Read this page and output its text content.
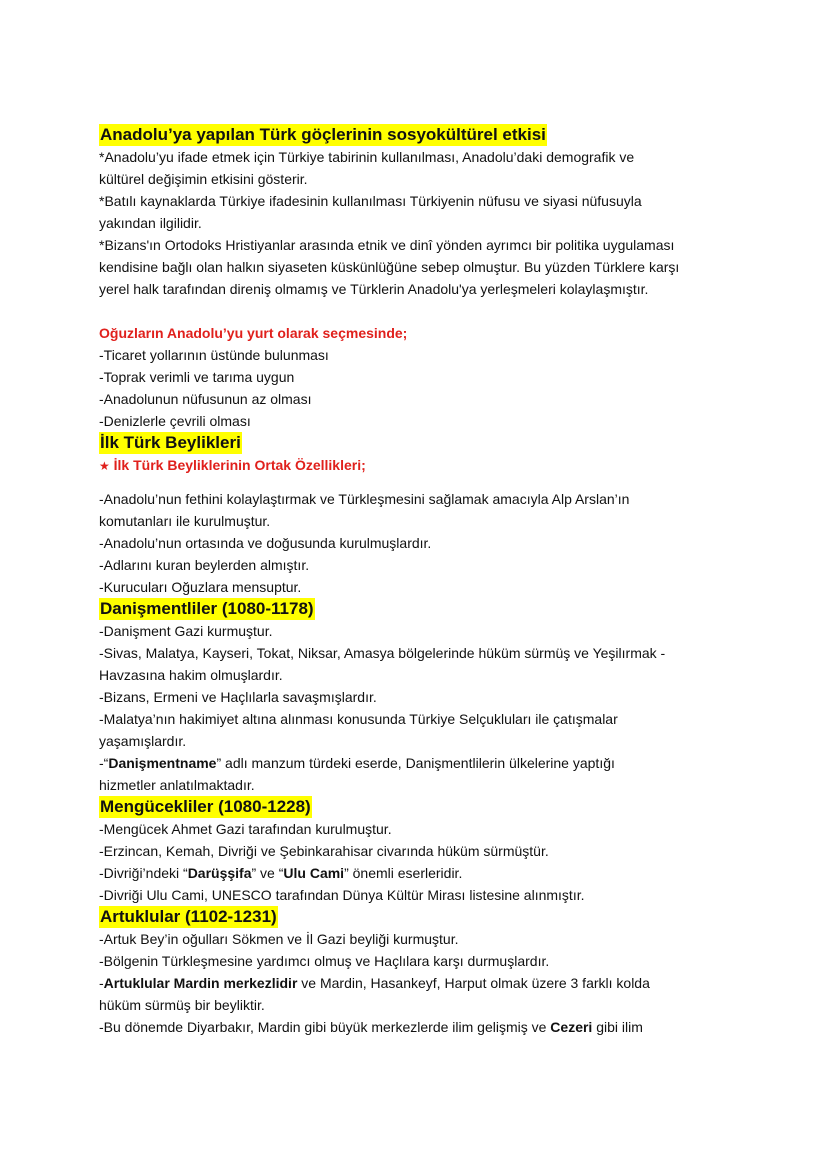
Anadolu’ya yapılan Türk göçlerinin sosyokültürel etkisi

*Anadolu’yu ifade etmek için Türkiye tabirinin kullanılması, Anadolu’daki demografik ve

kültürel değişimin etkisini gösterir.

*Batılı kaynaklarda Türkiye ifadesinin kullanılması Türkiyenin nüfusu ve siyasi nüfusuyla

yakından ilgilidir.

*Bizans'ın Ortodoks Hristiyanlar arasında etnik ve dinî yönden ayrımcı bir politika uygulaması

kendisine bağlı olan halkın siyaseten küskünlüğüne sebep olmuştur. Bu yüzden Türklere karşı

yerel halk tarafından direniş olmamış ve Türklerin Anadolu'ya yerleşmeleri kolaylaşmıştır.

Oğuzların Anadolu’yu yurt olarak seçmesinde;

-Ticaret yollarının üstünde bulunması

-Toprak verimli ve tarıma uygun

-Anadolunun nüfusunun az olması

-Denizlerle çevrili olması

İlk Türk Beylikleri

★ İlk Türk Beyliklerinin Ortak Özellikleri;

-Anadolu’nun fethini kolaylaştırmak ve Türkleşmesini sağlamak amacıyla Alp Arslan’ın

komutanları ile kurulmuştur.

-Anadolu’nun ortasında ve doğusunda kurulmuşlardır.

-Adlarını kuran beylerden almıştır.

-Kurucuları Oğuzlara mensuptur.

Danişmentliler (1080-1178)

-Danişment Gazi kurmuştur.

-Sivas, Malatya, Kayseri, Tokat, Niksar, Amasya bölgelerinde hüküm sürmüş ve Yeşilırmak -

Havzasına hakim olmuşlardır.

-Bizans, Ermeni ve Haçlılarla savaşmışlardır.

-Malatya’nın hakimiyet altına alınması konusunda Türkiye Selçukluları ile çatışmalar

yaşamışlardır.

-“Danişmentname” adlı manzum türdeki eserde, Danişmentlilerin ülkelerine yaptığı

hizmetler anlatılmaktadır.

Mengücekliler (1080-1228)

-Mengücek Ahmet Gazi tarafından kurulmuştur.

-Erzincan, Kemah, Divriği ve Şebinkarahisar civarında hüküm sürmüştür.

-Divriği’ndeki “Darüşşifa” ve “Ulu Cami” önemli eserleridir.

-Divriği Ulu Cami, UNESCO tarafından Dünya Kültür Mirası listesine alınmıştır.

Artuklular (1102-1231)

-Artuk Bey’in oğulları Sökmen ve İl Gazi beyliği kurmuştur.

-Bölgenin Türkleşmesine yardımcı olmuş ve Haçlılara karşı durmuşlardır.

-Artuklular Mardin merkezlidir ve Mardin, Hasankeyf, Harput olmak üzere 3 farklı kolda

hüküm sürmüş bir beyliktir.

-Bu dönemde Diyarbakır, Mardin gibi büyük merkezlerde ilim gelişmiş ve Cezeri gibi ilim
